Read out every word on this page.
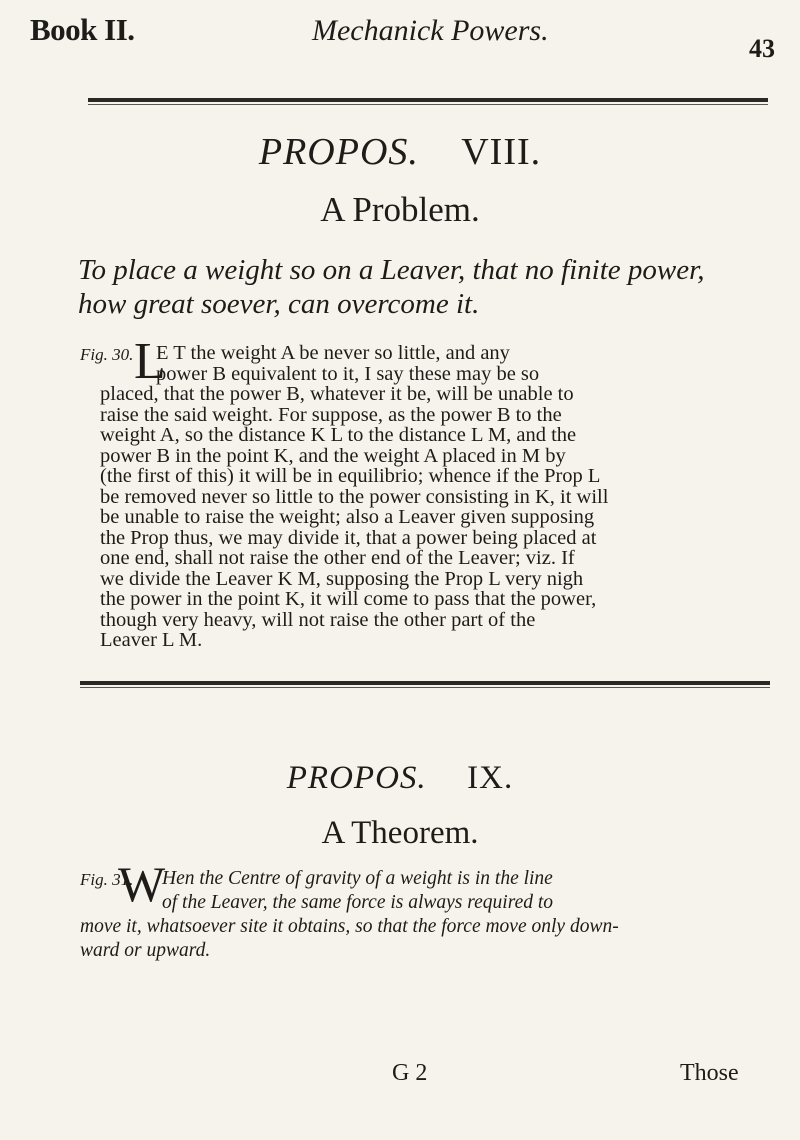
Book II.	Mechanick Powers.
43
PROPOS. VIII.
A Problem.
To place a weight so on a Leaver, that no finite power,
how great soever, can overcome it.
Fig. 30. L
E T the weight A be never so little, and any
power B equivalent to it, I say these may be so
placed, that the power B, whatever it be, will be unable to
raise the said weight. For suppose, as the power B to the
weight A, so the distance K L to the distance L M, and the
power B in the point K, and the weight A placed in M by
(the first of this) it will be in equilibrio; whence if the Prop L
be removed never so little to the power consisting in K, it will
be unable to raise the weight; also a Leaver given supposing
the Prop thus, we may divide it, that a power being placed at
one end, shall not raise the other end of the Leaver; viz. If
we divide the Leaver K M, supposing the Prop L very nigh
the power in the point K, it will come to pass that the power,
though very heavy, will not raise the other part of the
Leaver L M.
PROPOS. IX.
A Theorem.
Fig. 31.
W
Hen the Centre of gravity of a weight is in the line
of the Leaver, the same force is always required to
move it, whatsoever site it obtains, so that the force move only down-
ward or upward.
G 2	Those
